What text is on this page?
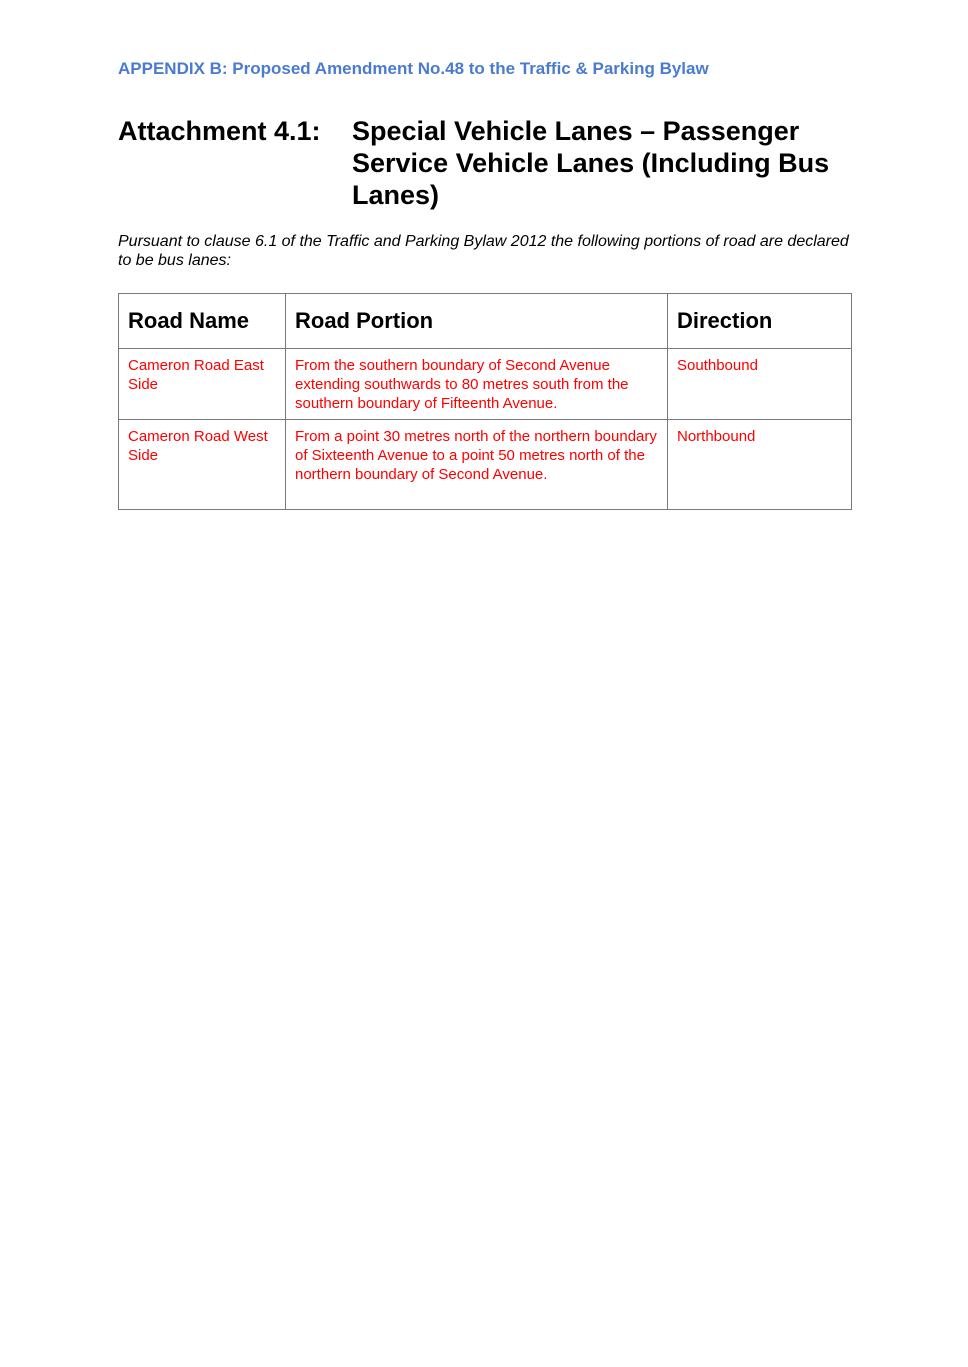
APPENDIX B: Proposed Amendment No.48 to the Traffic & Parking Bylaw
Attachment 4.1:	Special Vehicle Lanes – Passenger Service Vehicle Lanes (Including Bus Lanes)
Pursuant to clause 6.1 of the Traffic and Parking Bylaw 2012 the following portions of road are declared to be bus lanes:
Road Name	Road Portion	Direction
Cameron Road East Side	From the southern boundary of Second Avenue extending southwards to 80 metres south from the southern boundary of Fifteenth Avenue.	Southbound
Cameron Road West Side	From a point 30 metres north of the northern boundary of Sixteenth Avenue to a point 50 metres north of the northern boundary of Second Avenue.	Northbound
